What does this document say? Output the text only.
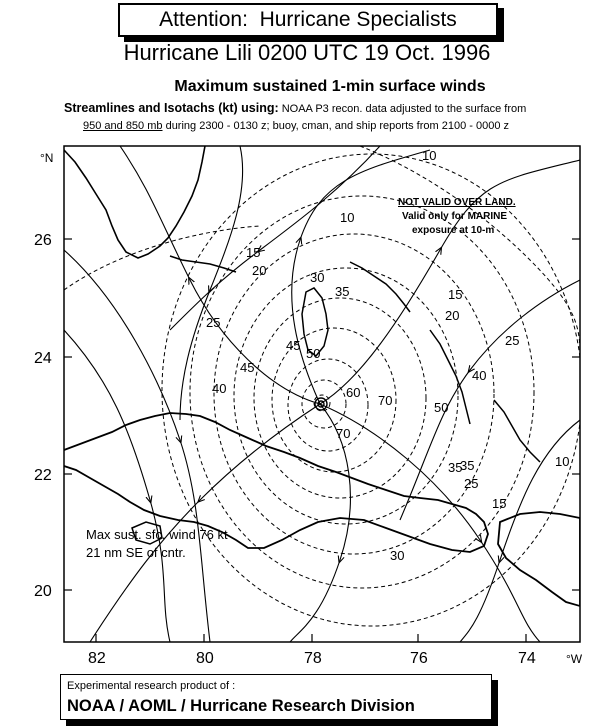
Attention:  Hurricane Specialists
Hurricane Lili 0200 UTC 19 Oct. 1996
Maximum sustained 1-min surface winds
Streamlines and Isotachs (kt) using: NOAA P3 recon. data adjusted to the surface from
950 and 850 mb during 2300 - 0130 z; buoy, cman, and ship reports from 2100 - 0000 z
°N
26
24
22
20
82	80	78	76	74	°W
10
10
10
15
15
15
20
20
25
25
25
30
30
35
35
35
40
40
45
45
50
50
60
70
70
NOT VALID OVER LAND.
Valid only for MARINE
exposure at 10-m
Max sust. sfc. wind 76 kt
21 nm SE of cntr.
Experimental research product of :
NOAA / AOML / Hurricane Research Division
